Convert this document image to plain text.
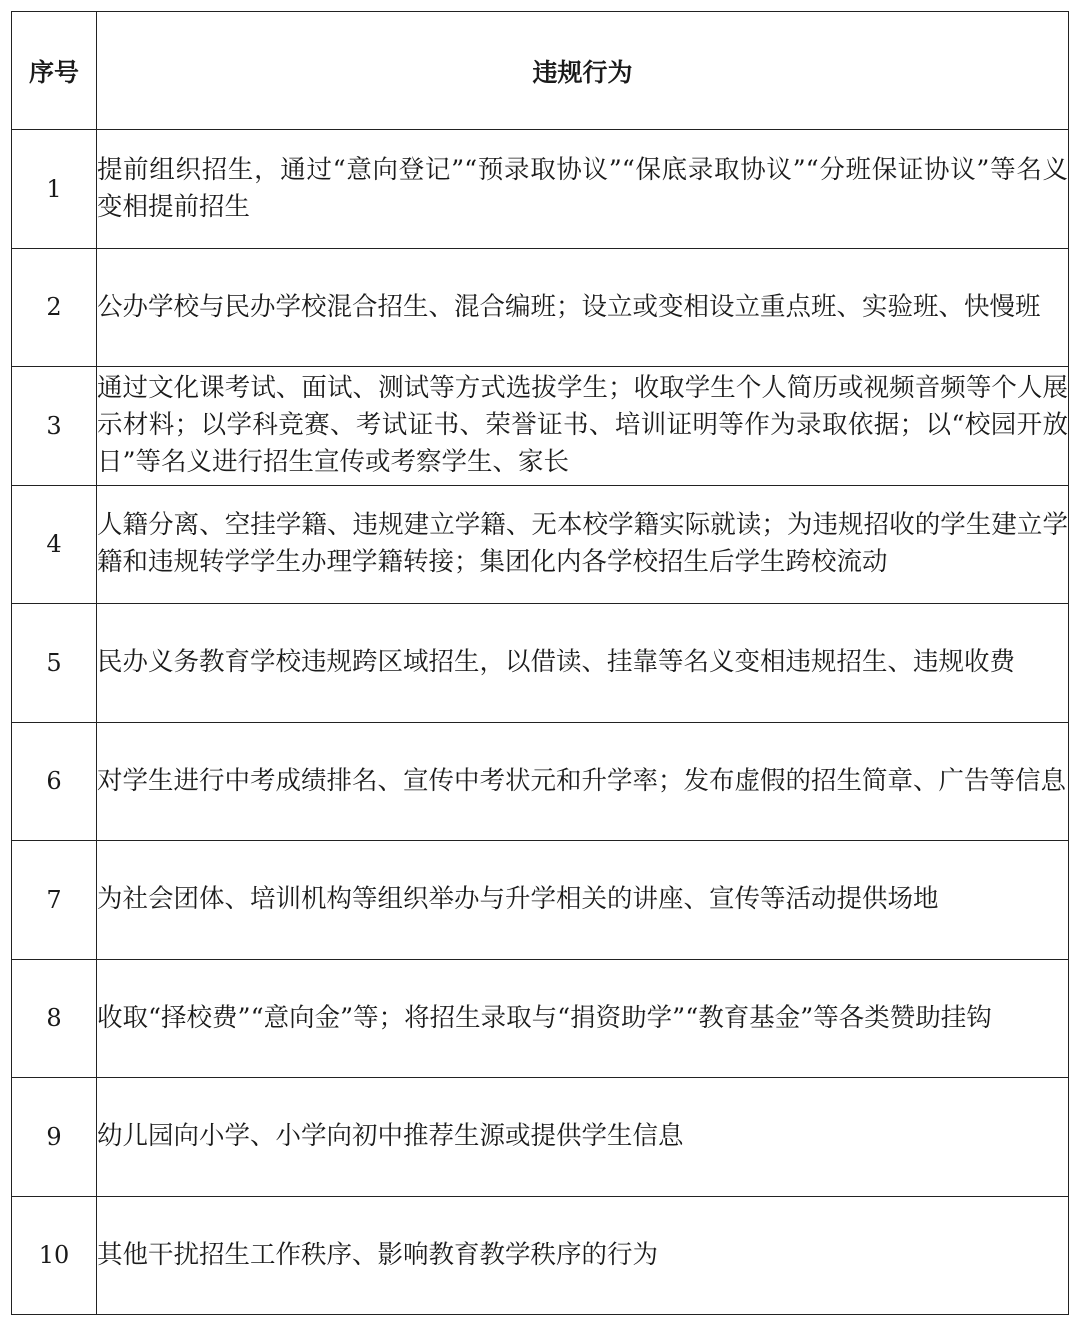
序号	违规行为
1	提前组织招生，通过“意向登记”“预录取协议”“保底录取协议”“分班保证协议”等名义变相提前招生
2	公办学校与民办学校混合招生、混合编班；设立或变相设立重点班、实验班、快慢班
3	通过文化课考试、面试、测试等方式选拔学生；收取学生个人简历或视频音频等个人展示材料；以学科竞赛、考试证书、荣誉证书、培训证明等作为录取依据；以“校园开放日”等名义进行招生宣传或考察学生、家长
4	人籍分离、空挂学籍、违规建立学籍、无本校学籍实际就读；为违规招收的学生建立学籍和违规转学学生办理学籍转接；集团化内各学校招生后学生跨校流动
5	民办义务教育学校违规跨区域招生，以借读、挂靠等名义变相违规招生、违规收费
6	对学生进行中考成绩排名、宣传中考状元和升学率；发布虚假的招生简章、广告等信息
7	为社会团体、培训机构等组织举办与升学相关的讲座、宣传等活动提供场地
8	收取“择校费”“意向金”等；将招生录取与“捐资助学”“教育基金”等各类赞助挂钩
9	幼儿园向小学、小学向初中推荐生源或提供学生信息
10	其他干扰招生工作秩序、影响教育教学秩序的行为
